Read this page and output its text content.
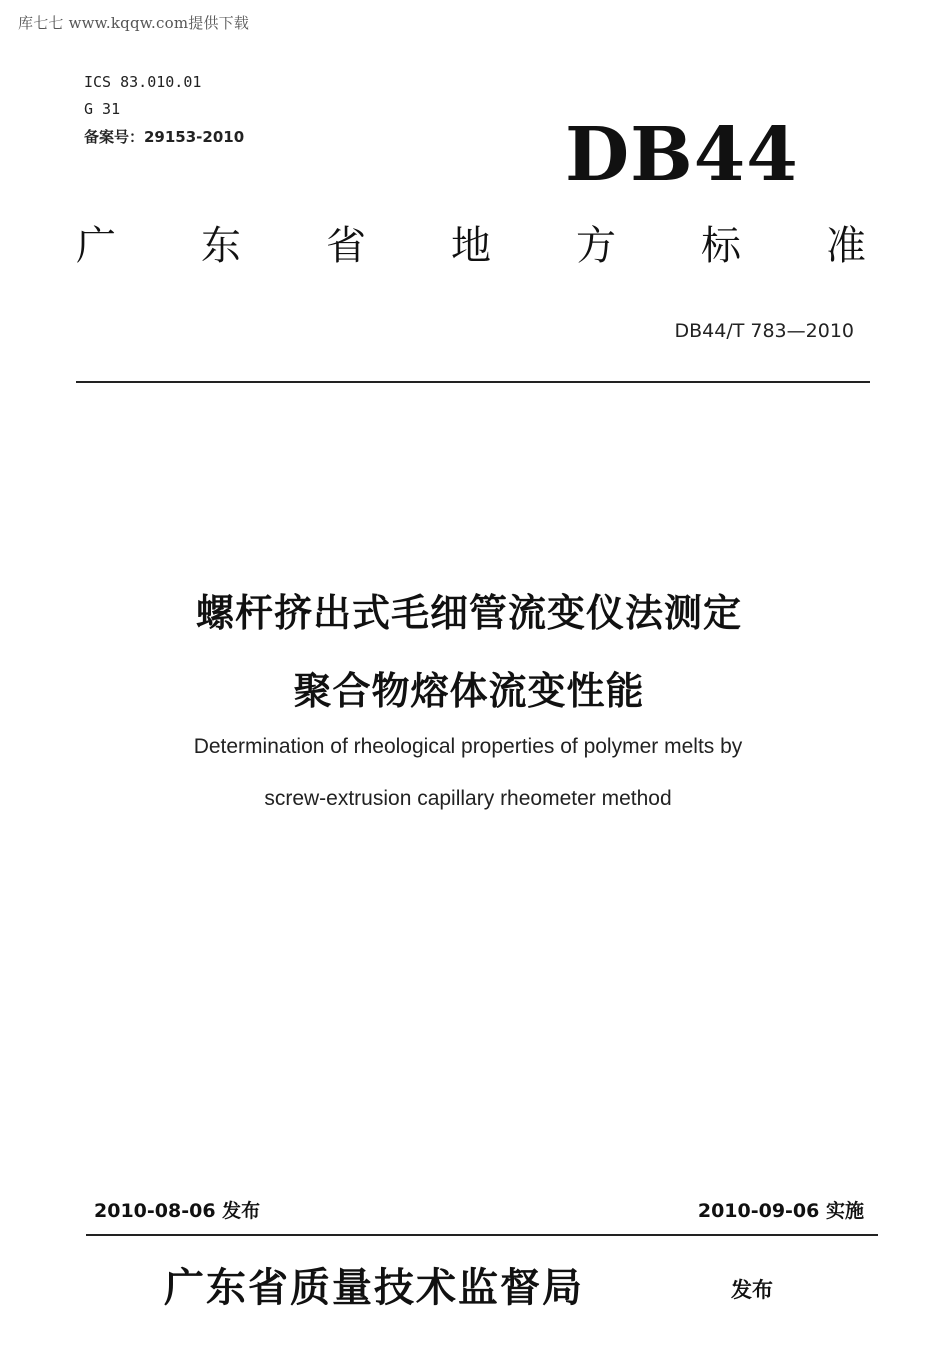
库七七 www.kqqw.com提供下载
ICS 83.010.01
G 31
备案号：29153-2010	DB44
广 东 省 地 方 标 准
DB44/T 783—2010
螺杆挤出式毛细管流变仪法测定
聚合物熔体流变性能
Determination of rheological properties of polymer melts by
screw-extrusion capillary rheometer method
2010-08-06 发布	2010-09-06 实施
广东省质量技术监督局	发布
